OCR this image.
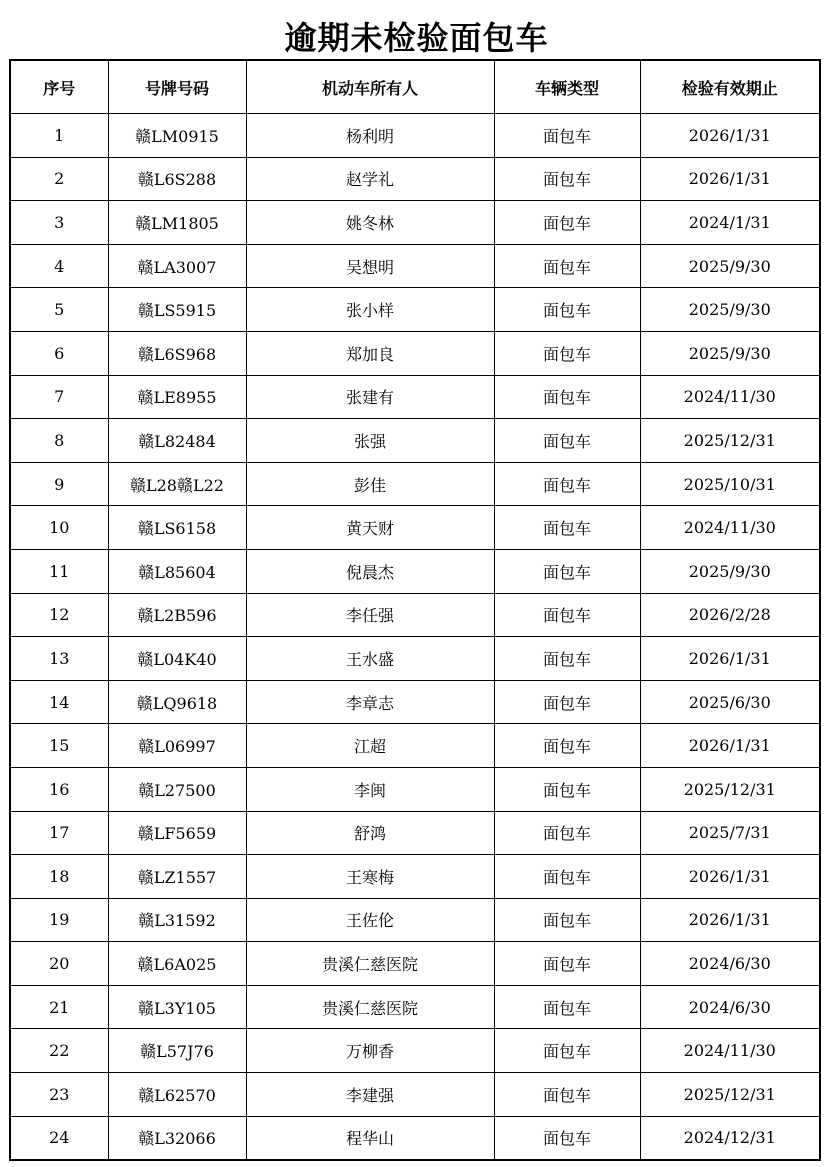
逾期未检验面包车
序号	号牌号码	机动车所有人	车辆类型	检验有效期止
1	赣LM0915	杨利明	面包车	2026/1/31
2	赣L6S288	赵学礼	面包车	2026/1/31
3	赣LM1805	姚冬林	面包车	2024/1/31
4	赣LA3007	吴想明	面包车	2025/9/30
5	赣LS5915	张小样	面包车	2025/9/30
6	赣L6S968	郑加良	面包车	2025/9/30
7	赣LE8955	张建有	面包车	2024/11/30
8	赣L82484	张强	面包车	2025/12/31
9	赣L28赣L22	彭佳	面包车	2025/10/31
10	赣LS6158	黄天财	面包车	2024/11/30
11	赣L85604	倪晨杰	面包车	2025/9/30
12	赣L2B596	李任强	面包车	2026/2/28
13	赣L04K40	王水盛	面包车	2026/1/31
14	赣LQ9618	李章志	面包车	2025/6/30
15	赣L06997	江超	面包车	2026/1/31
16	赣L27500	李闽	面包车	2025/12/31
17	赣LF5659	舒鸿	面包车	2025/7/31
18	赣LZ1557	王寒梅	面包车	2026/1/31
19	赣L31592	王佐伦	面包车	2026/1/31
20	赣L6A025	贵溪仁慈医院	面包车	2024/6/30
21	赣L3Y105	贵溪仁慈医院	面包车	2024/6/30
22	赣L57J76	万柳香	面包车	2024/11/30
23	赣L62570	李建强	面包车	2025/12/31
24	赣L32066	程华山	面包车	2024/12/31
